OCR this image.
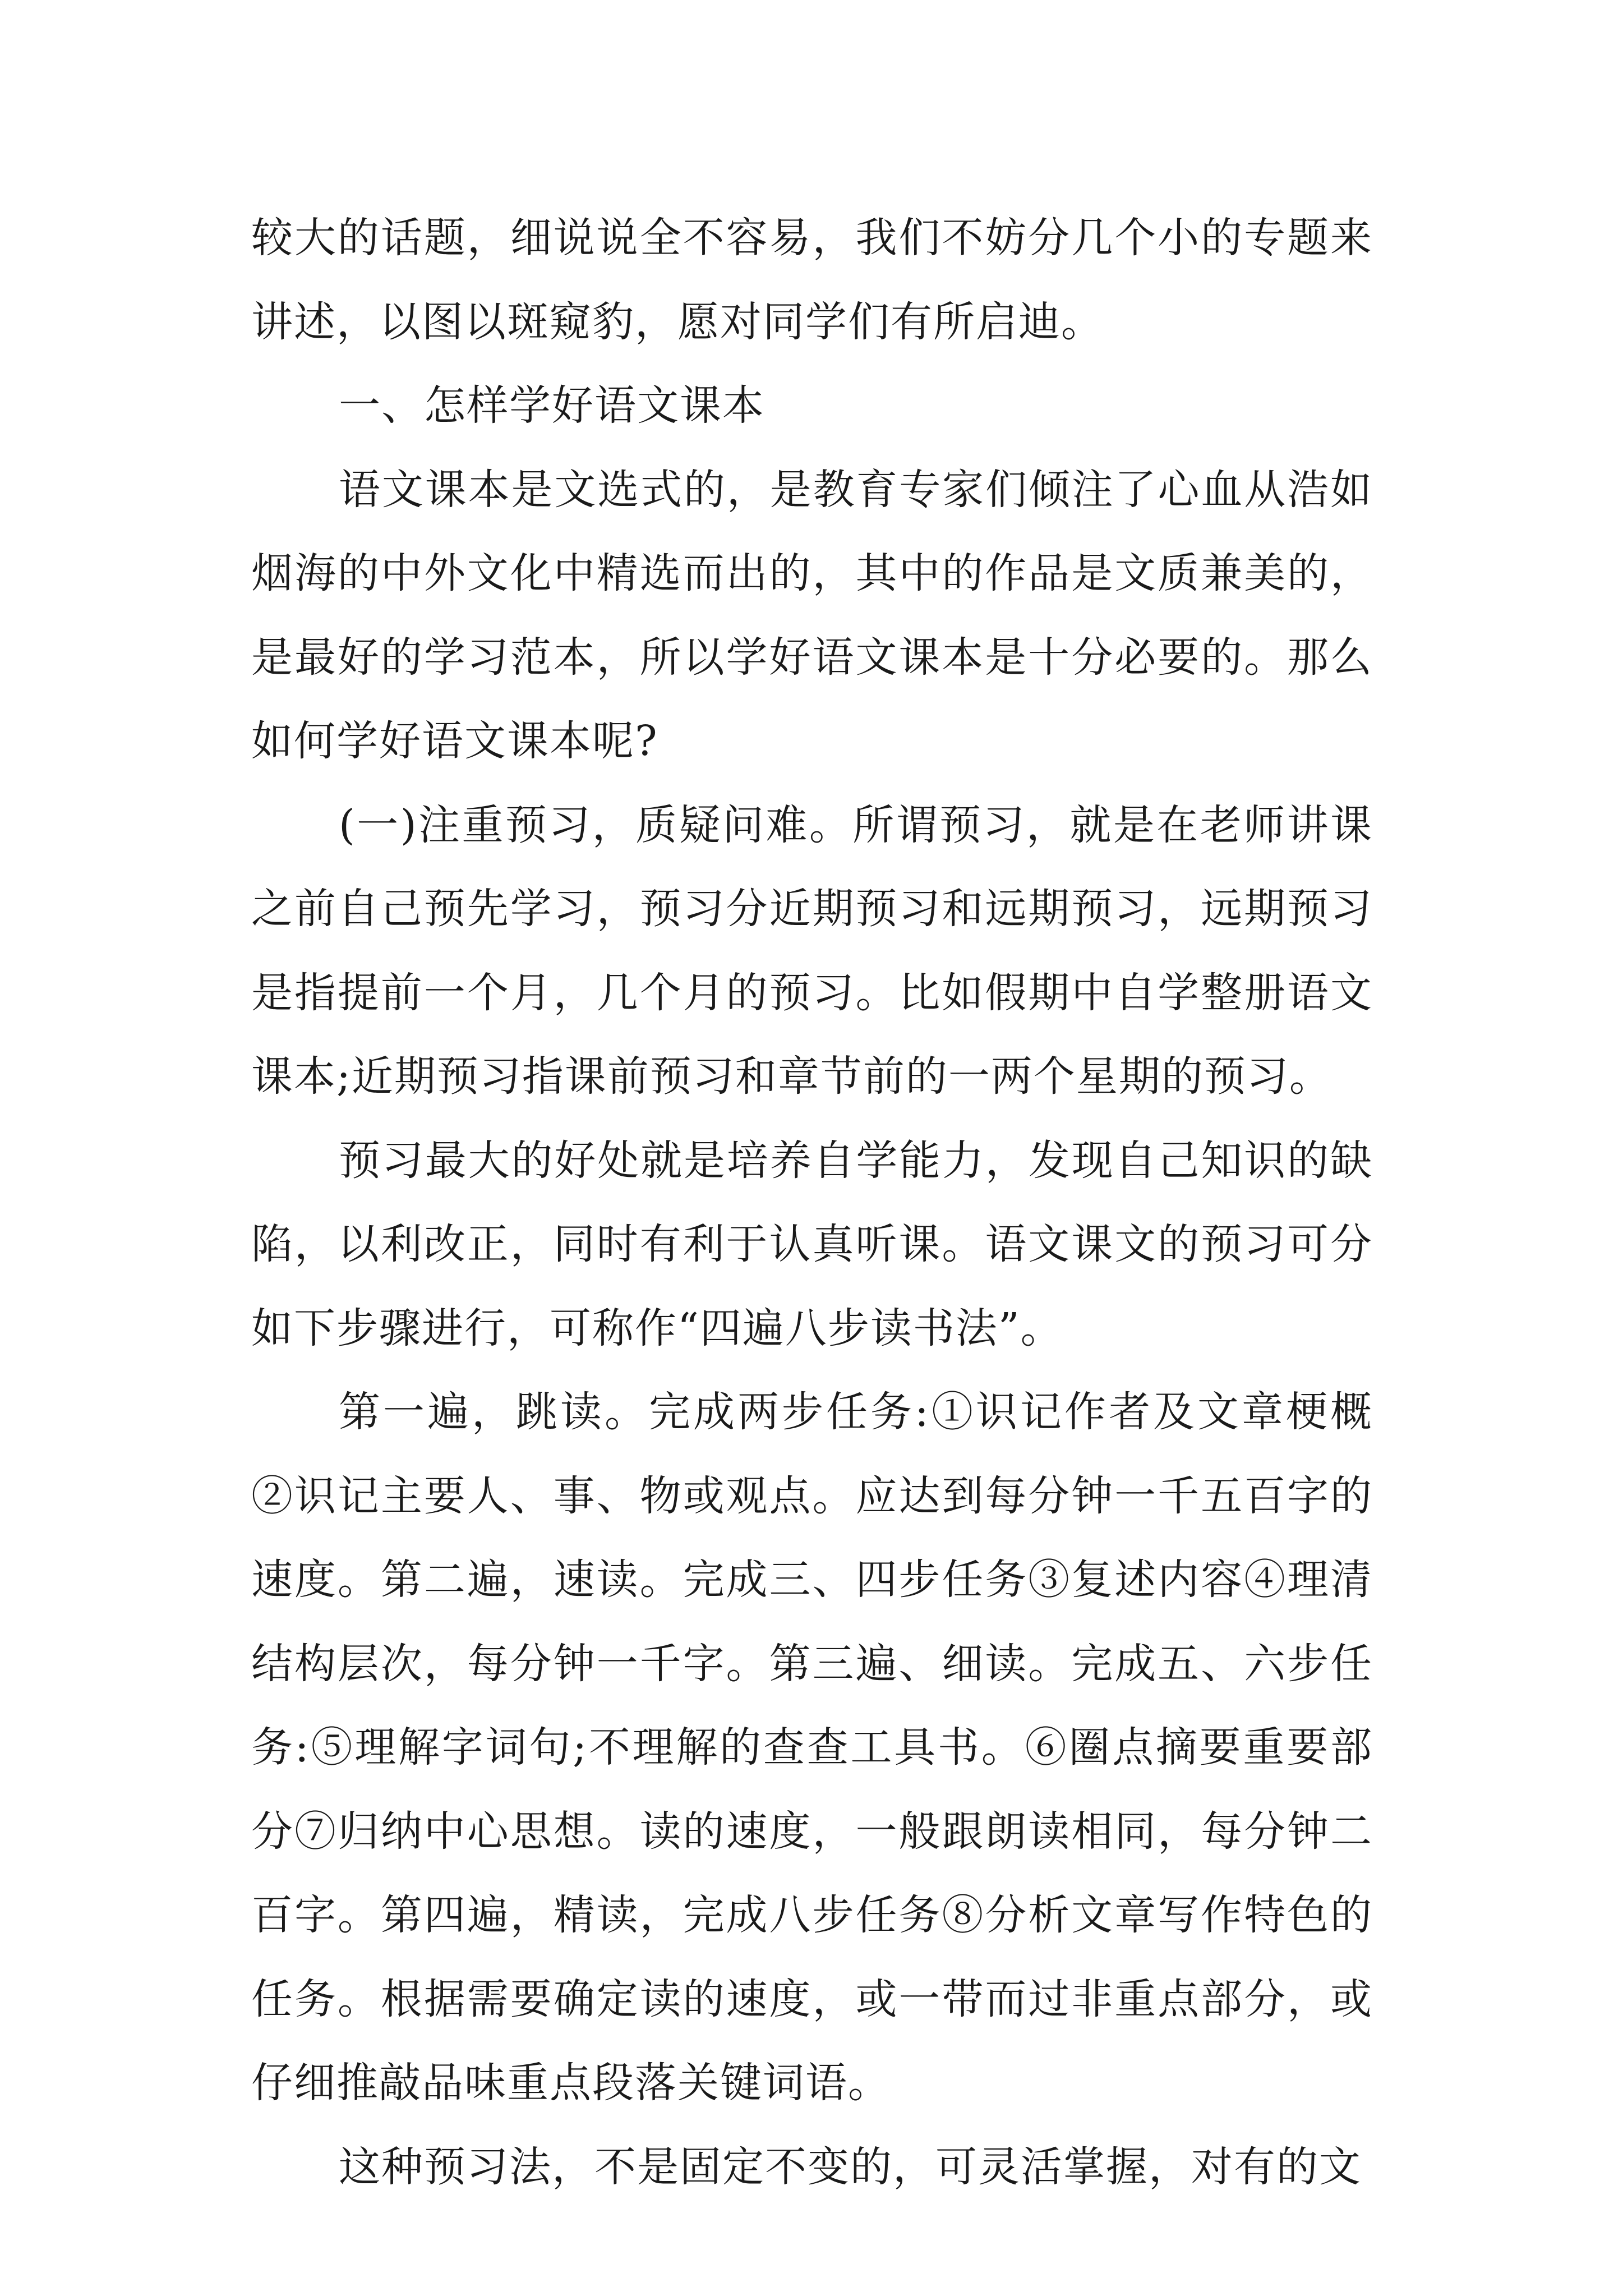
较大的话题，细说说全不容易，我们不妨分几个小的专题来讲述，以图以斑窥豹，愿对同学们有所启迪。

一、怎样学好语文课本

语文课本是文选式的，是教育专家们倾注了心血从浩如烟海的中外文化中精选而出的，其中的作品是文质兼美的，是最好的学习范本，所以学好语文课本是十分必要的。那么如何学好语文课本呢?

(一)注重预习，质疑问难。所谓预习，就是在老师讲课之前自己预先学习，预习分近期预习和远期预习，远期预习是指提前一个月，几个月的预习。比如假期中自学整册语文课本;近期预习指课前预习和章节前的一两个星期的预习。

预习最大的好处就是培养自学能力，发现自己知识的缺陷，以利改正，同时有利于认真听课。语文课文的预习可分如下步骤进行，可称作“四遍八步读书法”。

第一遍，跳读。完成两步任务:①识记作者及文章梗概②识记主要人、事、物或观点。应达到每分钟一千五百字的速度。第二遍，速读。完成三、四步任务③复述内容④理清结构层次，每分钟一千字。第三遍、细读。完成五、六步任务:⑤理解字词句;不理解的查查工具书。⑥圈点摘要重要部分⑦归纳中心思想。读的速度，一般跟朗读相同，每分钟二百字。第四遍，精读，完成八步任务⑧分析文章写作特色的任务。根据需要确定读的速度，或一带而过非重点部分，或仔细推敲品味重点段落关键词语。

这种预习法，不是固定不变的，可灵活掌握，对有的文
